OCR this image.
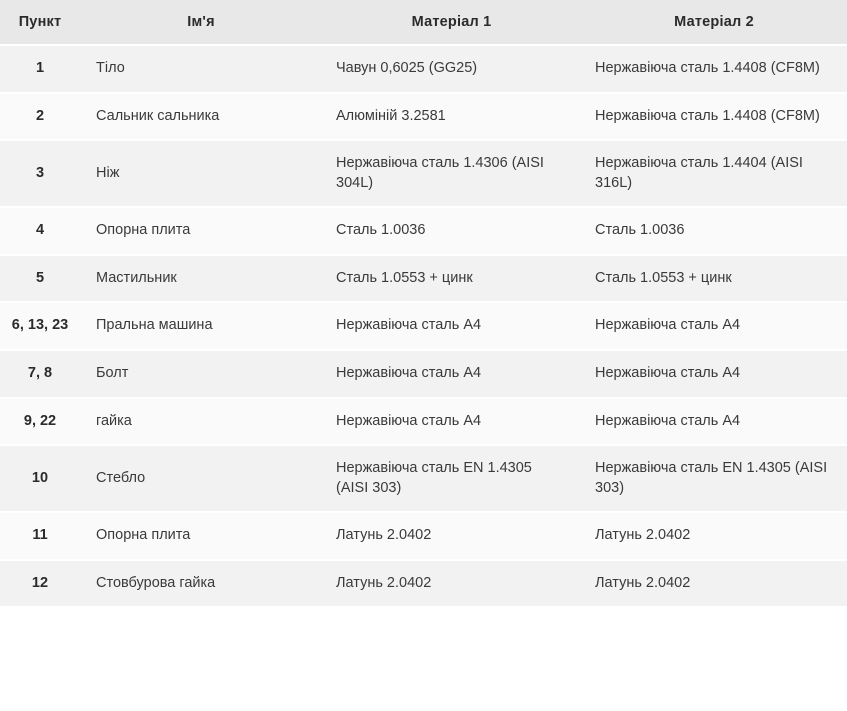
Пункт	Ім'я	Матеріал 1	Матеріал 2
1	Тіло	Чавун 0,6025 (GG25)	Нержавіюча сталь 1.4408 (CF8M)
2	Сальник сальника	Алюміній 3.2581	Нержавіюча сталь 1.4408 (CF8M)
3	Ніж	Нержавіюча сталь 1.4306 (AISI 304L)	Нержавіюча сталь 1.4404 (AISI 316L)
4	Опорна плита	Сталь 1.0036	Сталь 1.0036
5	Мастильник	Сталь 1.0553 + цинк	Сталь 1.0553 + цинк
6, 13, 23	Пральна машина	Нержавіюча сталь А4	Нержавіюча сталь А4
7, 8	Болт	Нержавіюча сталь А4	Нержавіюча сталь А4
9, 22	гайка	Нержавіюча сталь А4	Нержавіюча сталь А4
10	Стебло	Нержавіюча сталь EN 1.4305 (AISI 303)	Нержавіюча сталь EN 1.4305 (AISI 303)
11	Опорна плита	Латунь 2.0402	Латунь 2.0402
12	Стовбурова гайка	Латунь 2.0402	Латунь 2.0402
